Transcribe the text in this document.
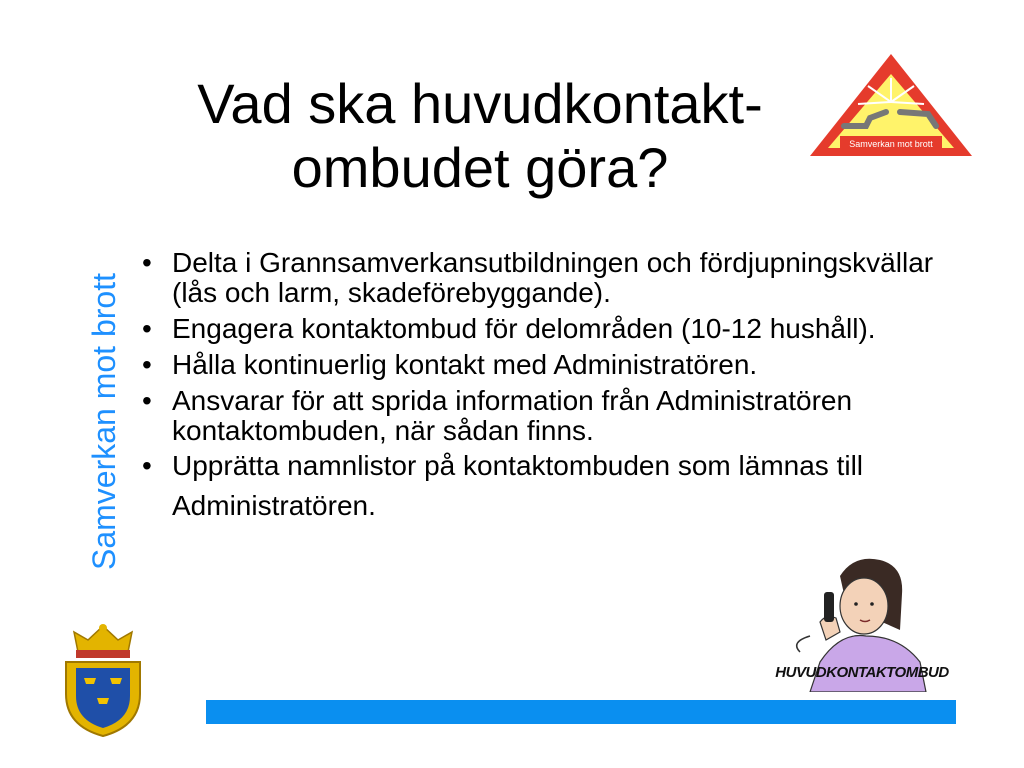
Vad ska huvudkontakt-
ombudet göra?
Samverkan mot brott
• Delta i Grannsamverkansutbildningen och fördjupningskvällar (lås och larm, skadeförebyggande).
• Engagera kontaktombud för delområden (10-12 hushåll).
• Hålla kontinuerlig kontakt med Administratören.
• Ansvarar för att sprida information från Administratören kontaktombuden, när sådan finns.
• Upprätta namnlistor på kontaktombuden som lämnas till Administratören.
Samverkan mot brott
HUVUDKONTAKTOMBUD
